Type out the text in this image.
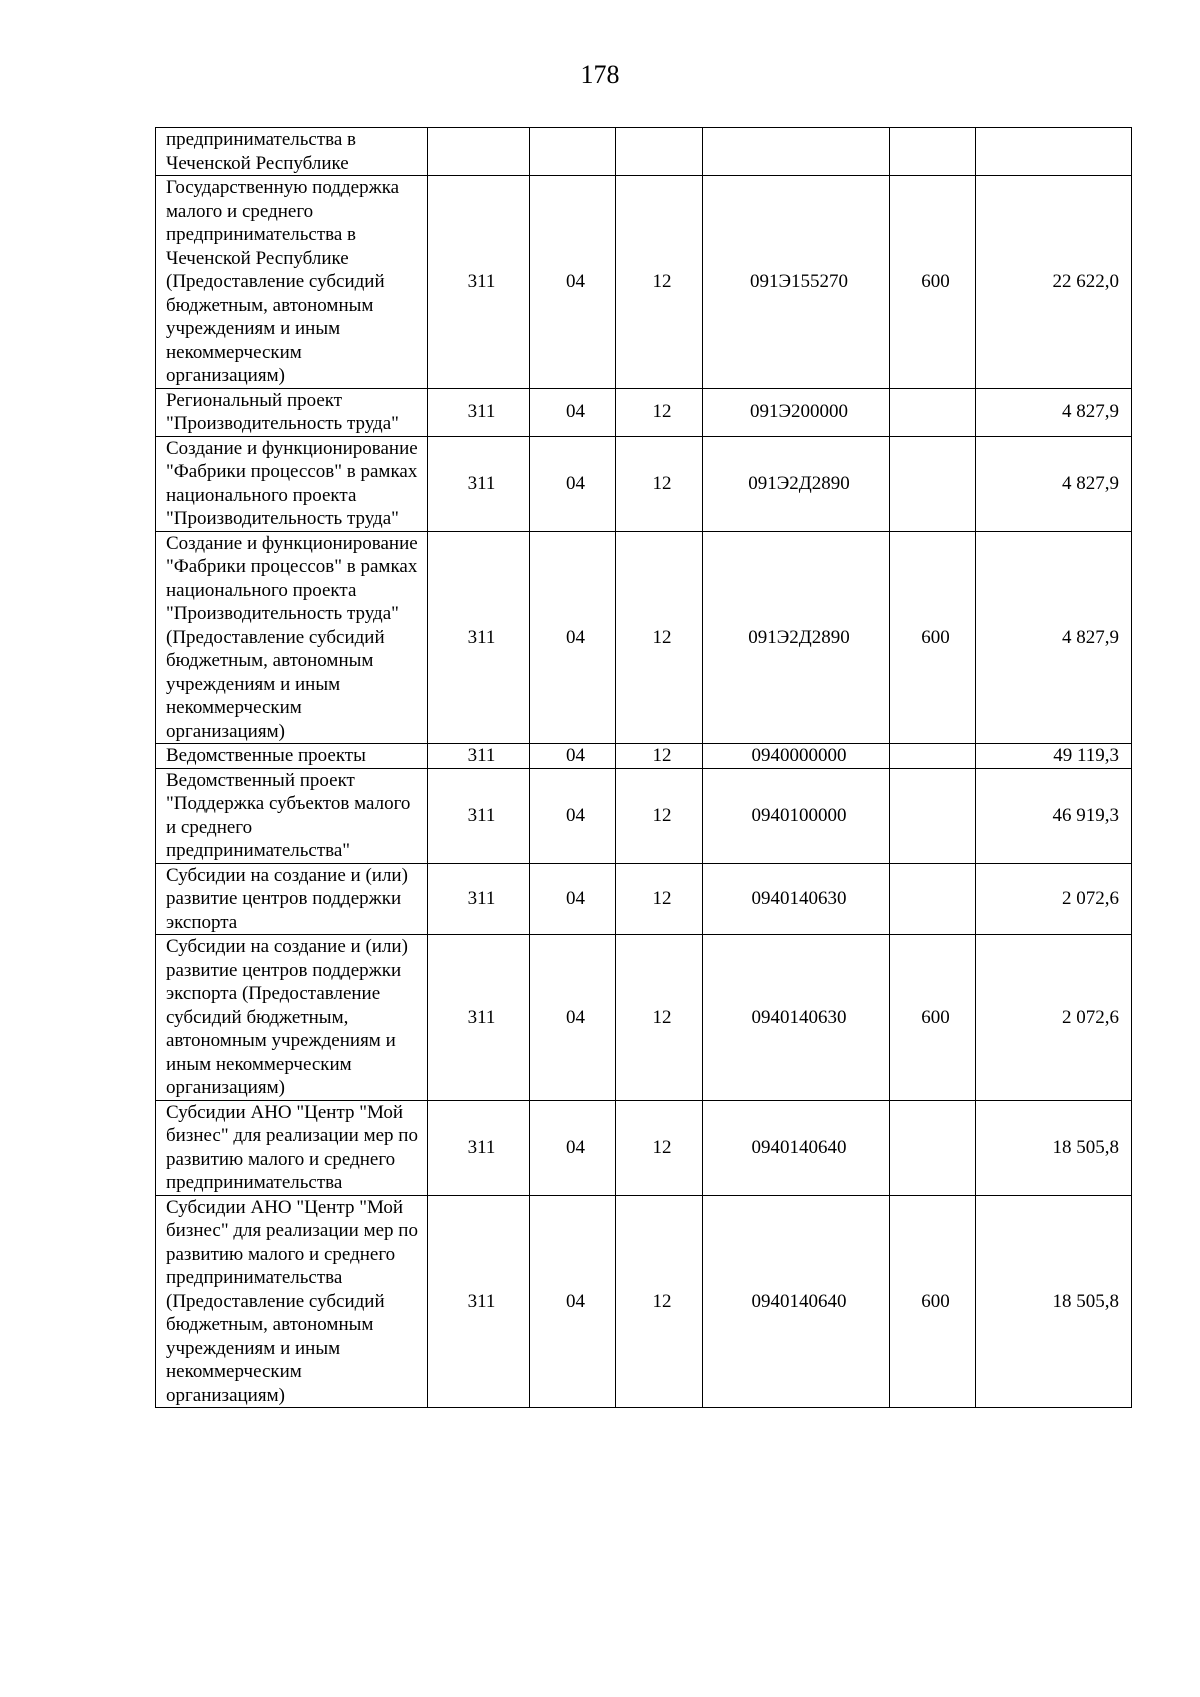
178
предпринимательства в Чеченской Республике						
Государственную поддержка малого и среднего предпринимательства в Чеченской Республике (Предоставление субсидий бюджетным, автономным учреждениям и иным некоммерческим организациям)	311	04	12	091Э155270	600	22 622,0
Региональный проект "Производительность труда"	311	04	12	091Э200000		4 827,9
Создание и функционирование "Фабрики процессов" в рамках национального проекта "Производительность труда"	311	04	12	091Э2Д2890		4 827,9
Создание и функционирование "Фабрики процессов" в рамках национального проекта "Производительность труда" (Предоставление субсидий бюджетным, автономным учреждениям и иным некоммерческим организациям)	311	04	12	091Э2Д2890	600	4 827,9
Ведомственные проекты	311	04	12	0940000000		49 119,3
Ведомственный проект "Поддержка субъектов малого и среднего предпринимательства"	311	04	12	0940100000		46 919,3
Субсидии на создание и (или) развитие центров поддержки экспорта	311	04	12	0940140630		2 072,6
Субсидии на создание и (или) развитие центров поддержки экспорта (Предоставление субсидий бюджетным, автономным учреждениям и иным некоммерческим организациям)	311	04	12	0940140630	600	2 072,6
Субсидии АНО "Центр "Мой бизнес" для реализации мер по развитию малого и среднего предпринимательства	311	04	12	0940140640		18 505,8
Субсидии АНО "Центр "Мой бизнес" для реализации мер по развитию малого и среднего предпринимательства (Предоставление субсидий бюджетным, автономным учреждениям и иным некоммерческим организациям)	311	04	12	0940140640	600	18 505,8
